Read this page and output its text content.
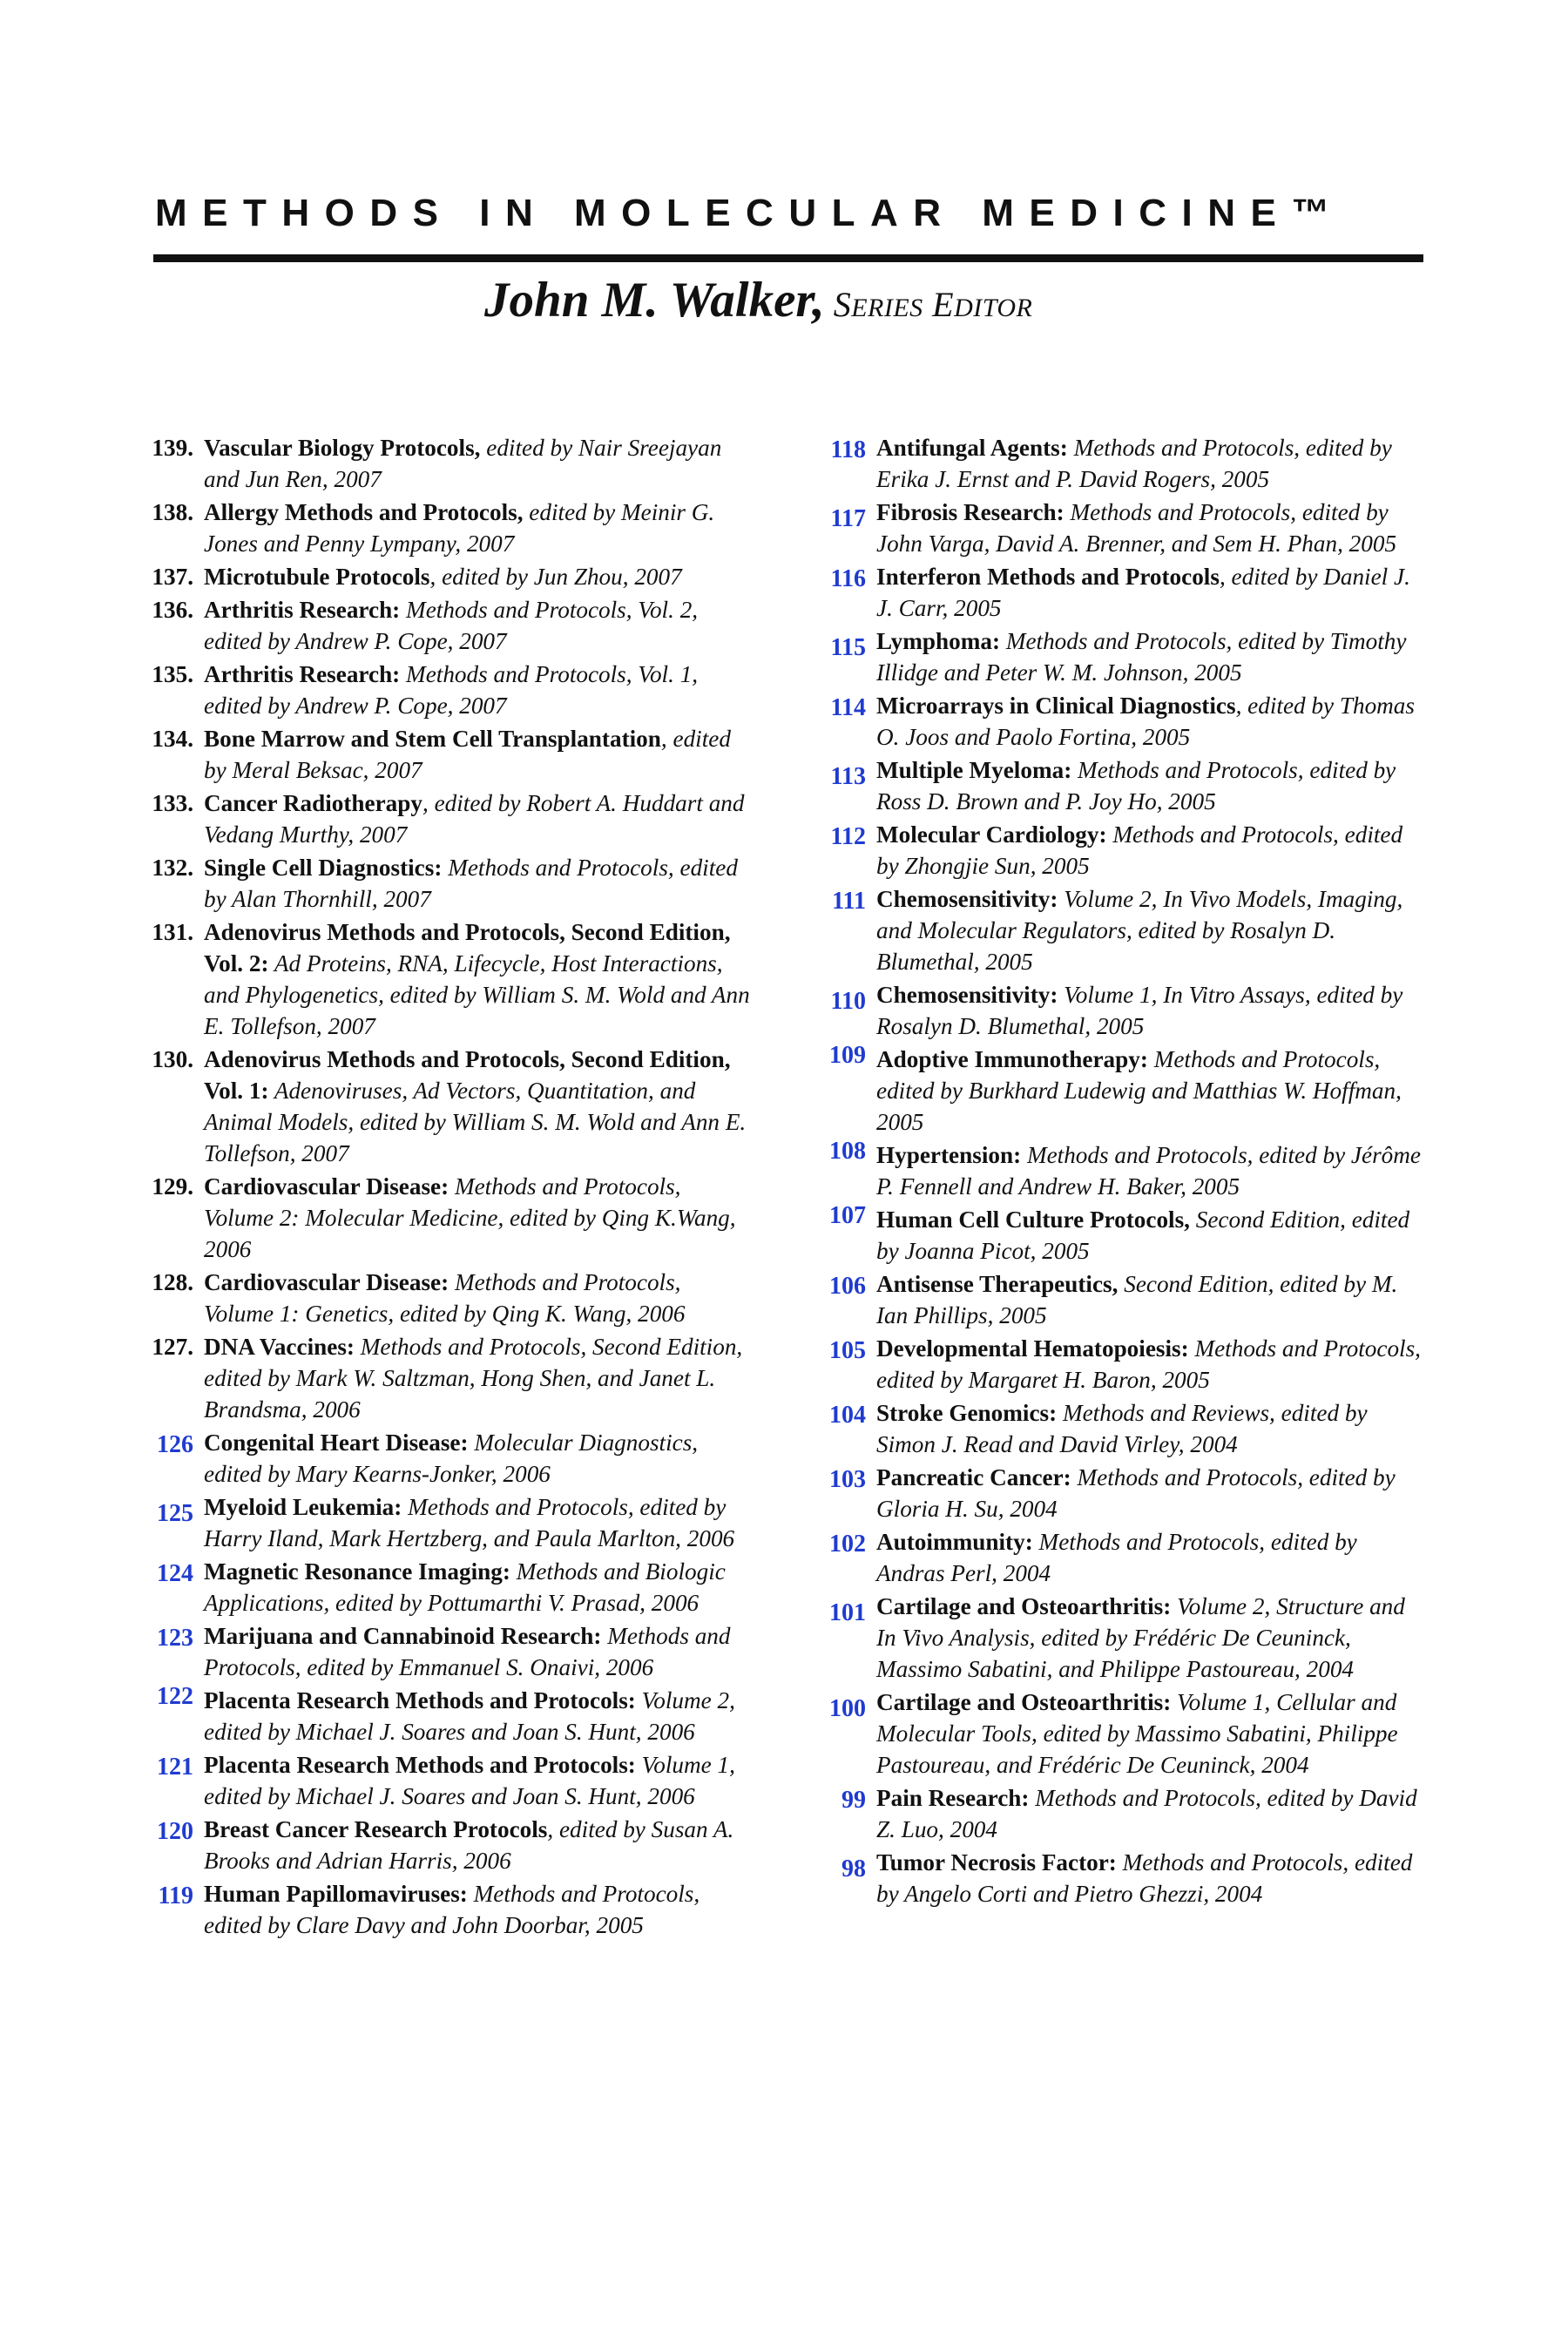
METHODS IN MOLECULAR MEDICINE™
John M. Walker, SERIES EDITOR
139. Vascular Biology Protocols, edited by Nair Sreejayan and Jun Ren, 2007
138. Allergy Methods and Protocols, edited by Meinir G. Jones and Penny Lympany, 2007
137. Microtubule Protocols, edited by Jun Zhou, 2007
136. Arthritis Research: Methods and Protocols, Vol. 2, edited by Andrew P. Cope, 2007
135. Arthritis Research: Methods and Protocols, Vol. 1, edited by Andrew P. Cope, 2007
134. Bone Marrow and Stem Cell Transplantation, edited by Meral Beksac, 2007
133. Cancer Radiotherapy, edited by Robert A. Huddart and Vedang Murthy, 2007
132. Single Cell Diagnostics: Methods and Protocols, edited by Alan Thornhill, 2007
131. Adenovirus Methods and Protocols, Second Edition, Vol. 2: Ad Proteins, RNA, Lifecycle, Host Interactions, and Phylogenetics, edited by William S. M. Wold and Ann E. Tollefson, 2007
130. Adenovirus Methods and Protocols, Second Edition, Vol. 1: Adenoviruses, Ad Vectors, Quantitation, and Animal Models, edited by William S. M. Wold and Ann E. Tollefson, 2007
129. Cardiovascular Disease: Methods and Protocols, Volume 2: Molecular Medicine, edited by Qing K.Wang, 2006
128. Cardiovascular Disease: Methods and Protocols, Volume 1: Genetics, edited by Qing K. Wang, 2006
127. DNA Vaccines: Methods and Protocols, Second Edition, edited by Mark W. Saltzman, Hong Shen, and Janet L. Brandsma, 2006
126 Congenital Heart Disease: Molecular Diagnostics, edited by Mary Kearns-Jonker, 2006
125 Myeloid Leukemia: Methods and Protocols, edited by Harry Iland, Mark Hertzberg, and Paula Marlton, 2006
124 Magnetic Resonance Imaging: Methods and Biologic Applications, edited by Pottumarthi V. Prasad, 2006
123 Marijuana and Cannabinoid Research: Methods and Protocols, edited by Emmanuel S. Onaivi, 2006
122 Placenta Research Methods and Protocols: Volume 2, edited by Michael J. Soares and Joan S. Hunt, 2006
121 Placenta Research Methods and Protocols: Volume 1, edited by Michael J. Soares and Joan S. Hunt, 2006
120 Breast Cancer Research Protocols, edited by Susan A. Brooks and Adrian Harris, 2006
119 Human Papillomaviruses: Methods and Protocols, edited by Clare Davy and John Doorbar, 2005
118 Antifungal Agents: Methods and Protocols, edited by Erika J. Ernst and P. David Rogers, 2005
117 Fibrosis Research: Methods and Protocols, edited by John Varga, David A. Brenner, and Sem H. Phan, 2005
116 Interferon Methods and Protocols, edited by Daniel J. J. Carr, 2005
115 Lymphoma: Methods and Protocols, edited by Timothy Illidge and Peter W. M. Johnson, 2005
114 Microarrays in Clinical Diagnostics, edited by Thomas O. Joos and Paolo Fortina, 2005
113 Multiple Myeloma: Methods and Protocols, edited by Ross D. Brown and P. Joy Ho, 2005
112 Molecular Cardiology: Methods and Protocols, edited by Zhongjie Sun, 2005
111 Chemosensitivity: Volume 2, In Vivo Models, Imaging, and Molecular Regulators, edited by Rosalyn D. Blumethal, 2005
110 Chemosensitivity: Volume 1, In Vitro Assays, edited by Rosalyn D. Blumethal, 2005
109 Adoptive Immunotherapy: Methods and Protocols, edited by Burkhard Ludewig and Matthias W. Hoffman, 2005
108 Hypertension: Methods and Protocols, edited by Jérôme P. Fennell and Andrew H. Baker, 2005
107 Human Cell Culture Protocols, Second Edition, edited by Joanna Picot, 2005
106 Antisense Therapeutics, Second Edition, edited by M. Ian Phillips, 2005
105 Developmental Hematopoiesis: Methods and Protocols, edited by Margaret H. Baron, 2005
104 Stroke Genomics: Methods and Reviews, edited by Simon J. Read and David Virley, 2004
103 Pancreatic Cancer: Methods and Protocols, edited by Gloria H. Su, 2004
102 Autoimmunity: Methods and Protocols, edited by Andras Perl, 2004
101 Cartilage and Osteoarthritis: Volume 2, Structure and In Vivo Analysis, edited by Frédéric De Ceuninck, Massimo Sabatini, and Philippe Pastoureau, 2004
100 Cartilage and Osteoarthritis: Volume 1, Cellular and Molecular Tools, edited by Massimo Sabatini, Philippe Pastoureau, and Frédéric De Ceuninck, 2004
99 Pain Research: Methods and Protocols, edited by David Z. Luo, 2004
98 Tumor Necrosis Factor: Methods and Protocols, edited by Angelo Corti and Pietro Ghezzi, 2004
